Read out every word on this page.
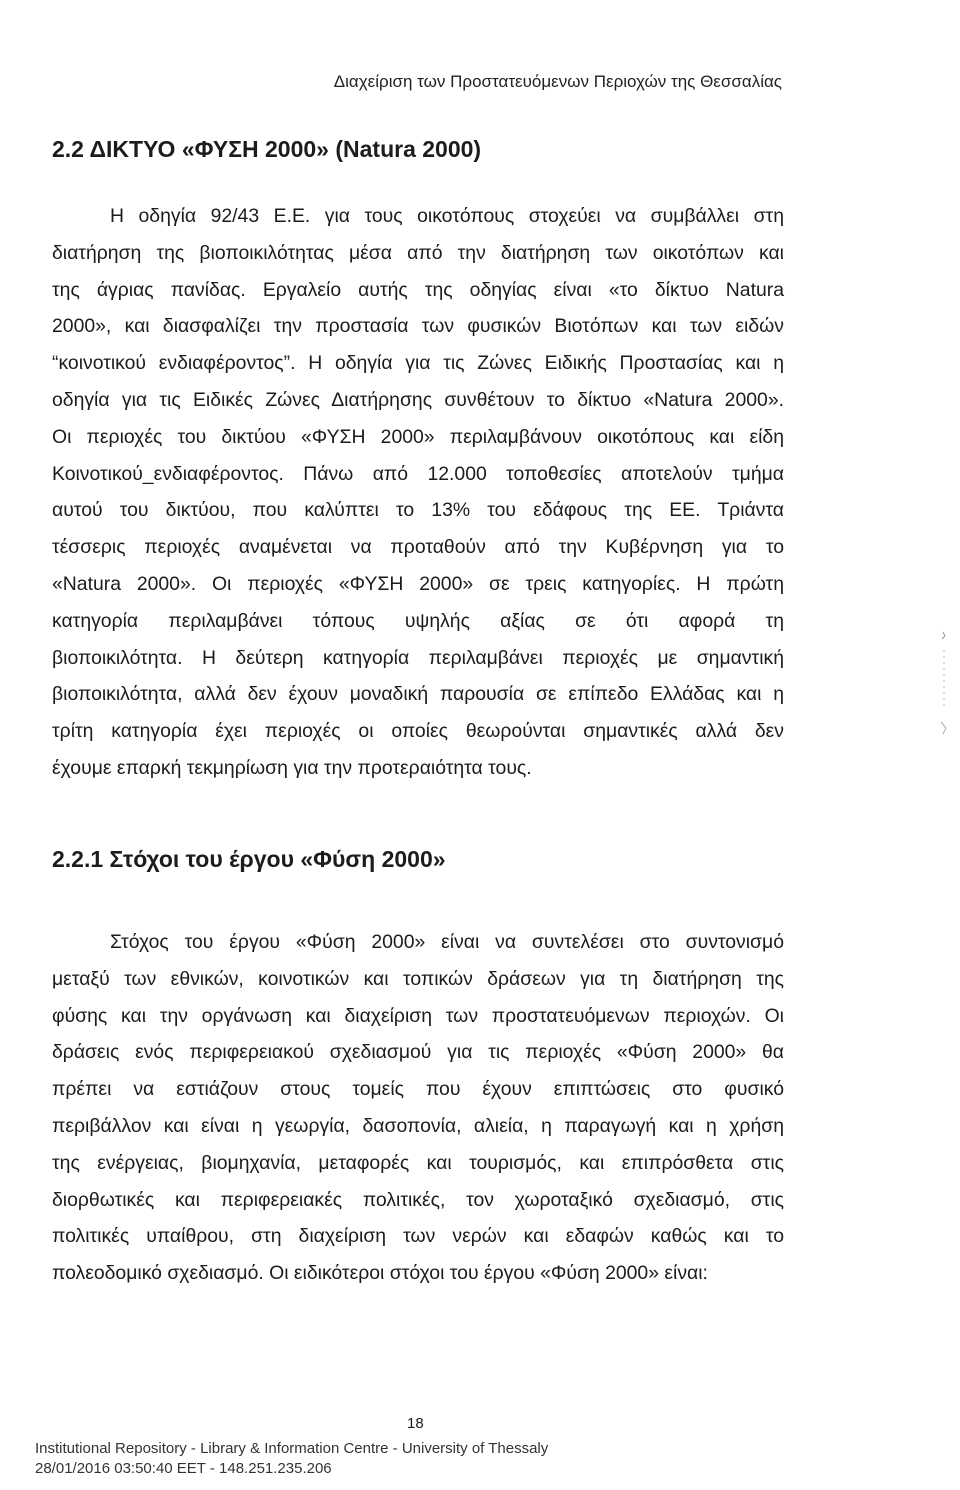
Διαχείριση των Προστατευόμενων Περιοχών της Θεσσαλίας
2.2 ΔΙΚΤΥΟ «ΦΥΣΗ 2000» (Natura 2000)
Η οδηγία 92/43 Ε.Ε. για τους οικοτόπους στοχεύει να συμβάλλει στη
διατήρηση της βιοποικιλότητας μέσα από την διατήρηση των οικοτόπων και
της άγριας πανίδας. Εργαλείο αυτής της οδηγίας είναι «το δίκτυο Natura
2000», και διασφαλίζει την προστασία των φυσικών Βιοτόπων και των ειδών
“κοινοτικού ενδιαφέροντος”. Η οδηγία για τις Ζώνες Ειδικής Προστασίας και η
οδηγία για τις Ειδικές Ζώνες Διατήρησης συνθέτουν το δίκτυο «Natura 2000».
Οι περιοχές του δικτύου «ΦΥΣΗ 2000» περιλαμβάνουν οικοτόπους και είδη
Κοινοτικού_ενδιαφέροντος. Πάνω από 12.000 τοποθεσίες αποτελούν τμήμα
αυτού του δικτύου, που καλύπτει το 13% του εδάφους της ΕΕ. Τριάντα
τέσσερις περιοχές αναμένεται να προταθούν από την Κυβέρνηση για το
«Natura 2000». Οι περιοχές «ΦΥΣΗ 2000» σε τρεις κατηγορίες. Η πρώτη
κατηγορία περιλαμβάνει τόπους υψηλής αξίας σε ότι αφορά τη
βιοποικιλότητα. Η δεύτερη κατηγορία περιλαμβάνει περιοχές με σημαντική
βιοποικιλότητα, αλλά δεν έχουν μοναδική παρουσία σε επίπεδο Ελλάδας και η
τρίτη κατηγορία έχει περιοχές οι οποίες θεωρούνται σημαντικές αλλά δεν
έχουμε επαρκή τεκμηρίωση για την προτεραιότητα τους.
2.2.1 Στόχοι του έργου «Φύση 2000»
Στόχος του έργου «Φύση 2000» είναι να συντελέσει στο συντονισμό
μεταξύ των εθνικών, κοινοτικών και τοπικών δράσεων για τη διατήρηση της
φύσης και την οργάνωση και διαχείριση των προστατευόμενων περιοχών. Οι
δράσεις ενός περιφερειακού σχεδιασμού για τις περιοχές «Φύση 2000» θα
πρέπει να εστιάζουν στους τομείς που έχουν επιπτώσεις στο φυσικό
περιβάλλον και είναι η γεωργία, δασοπονία, αλιεία, η παραγωγή και η χρήση
της ενέργειας, βιομηχανία, μεταφορές και τουρισμός, και επιπρόσθετα στις
διορθωτικές και περιφερειακές πολιτικές, τον χωροταξικό σχεδιασμό, στις
πολιτικές υπαίθρου, στη διαχείριση των νερών και εδαφών καθώς και το
πολεοδομικό σχεδιασμό. Οι ειδικότεροι στόχοι του έργου «Φύση 2000» είναι:
18
Institutional Repository - Library & Information Centre - University of Thessaly
28/01/2016 03:50:40 EET - 148.251.235.206
